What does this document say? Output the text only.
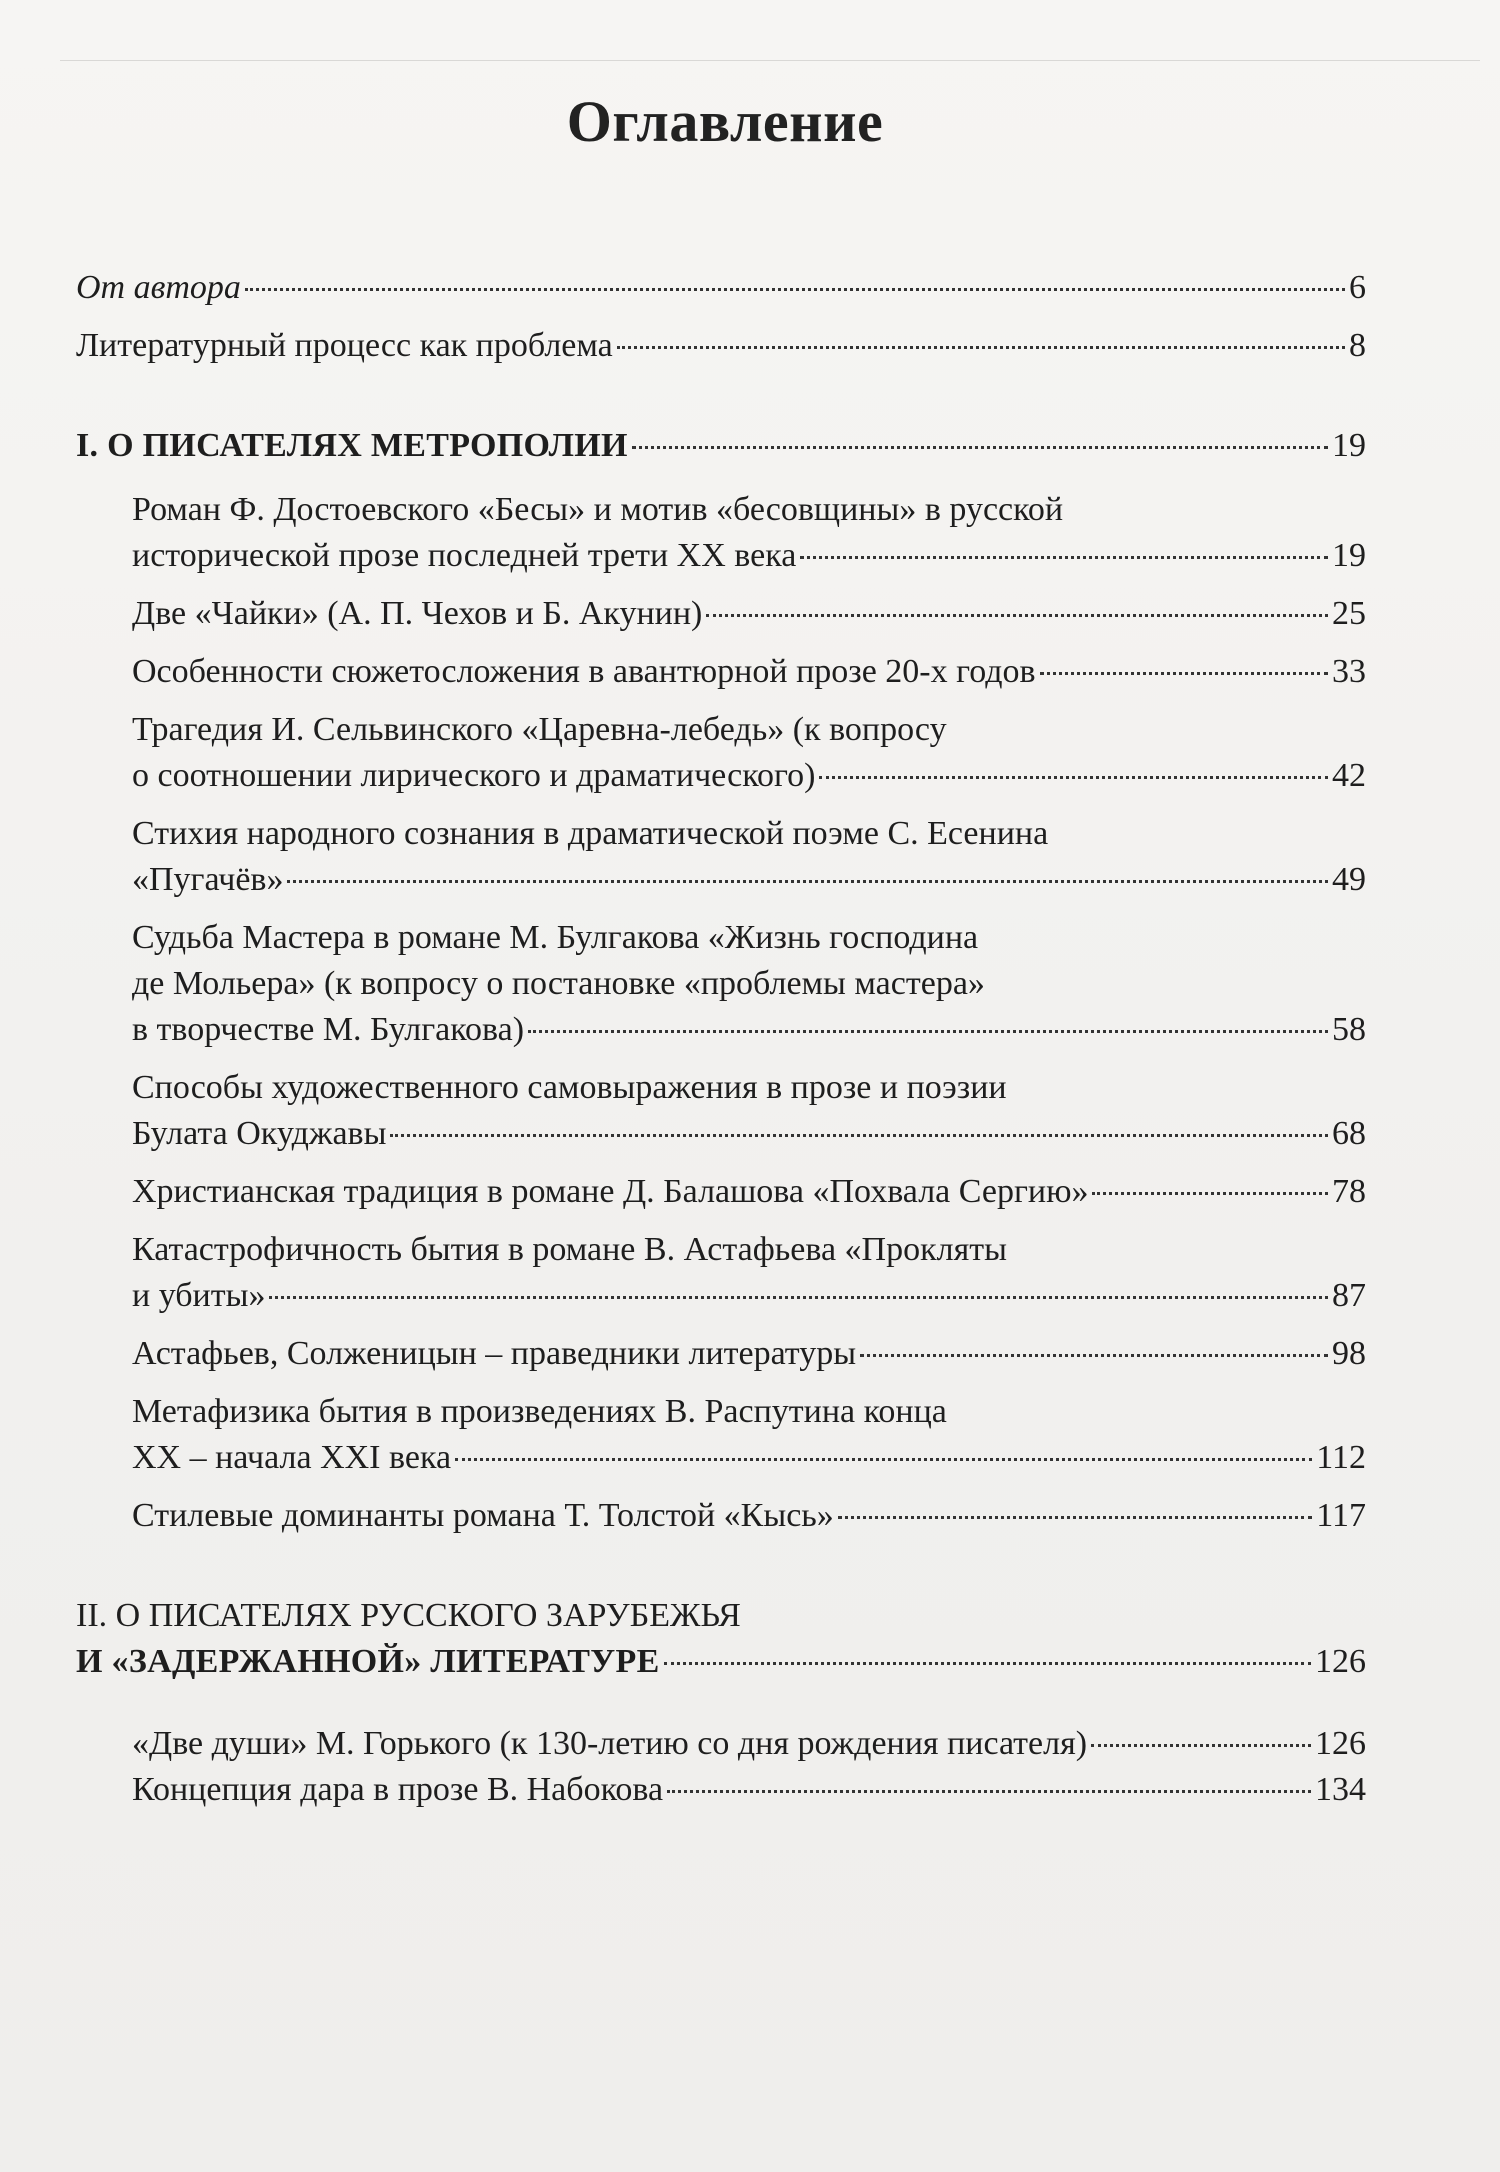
Оглавление
От автора	6
Литературный процесс как проблема	8
I. О ПИСАТЕЛЯХ МЕТРОПОЛИИ	19
Роман Ф. Достоевского «Бесы» и мотив «бесовщины» в русской
исторической прозе последней трети XX века	19
Две «Чайки» (А. П. Чехов и Б. Акунин)	25
Особенности сюжетосложения в авантюрной прозе 20-х годов	33
Трагедия И. Сельвинского «Царевна-лебедь» (к вопросу
о соотношении лирического и драматического)	42
Стихия народного сознания в драматической поэме С. Есенина
«Пугачёв»	49
Судьба Мастера в романе М. Булгакова «Жизнь господина
де Мольера» (к вопросу о постановке «проблемы мастера»
в творчестве М. Булгакова)	58
Способы художественного самовыражения в прозе и поэзии
Булата Окуджавы	68
Христианская традиция в романе Д. Балашова «Похвала Сергию»	78
Катастрофичность бытия в романе В. Астафьева «Прокляты
и убиты»	87
Астафьев, Солженицын – праведники литературы	98
Метафизика бытия в произведениях В. Распутина конца
XX – начала XXI века	112
Стилевые доминанты романа Т. Толстой «Кысь»	117
II. О ПИСАТЕЛЯХ РУССКОГО ЗАРУБЕЖЬЯ
И «ЗАДЕРЖАННОЙ» ЛИТЕРАТУРЕ	126
«Две души» М. Горького (к 130-летию со дня рождения писателя)	126
Концепция дара в прозе В. Набокова	134
